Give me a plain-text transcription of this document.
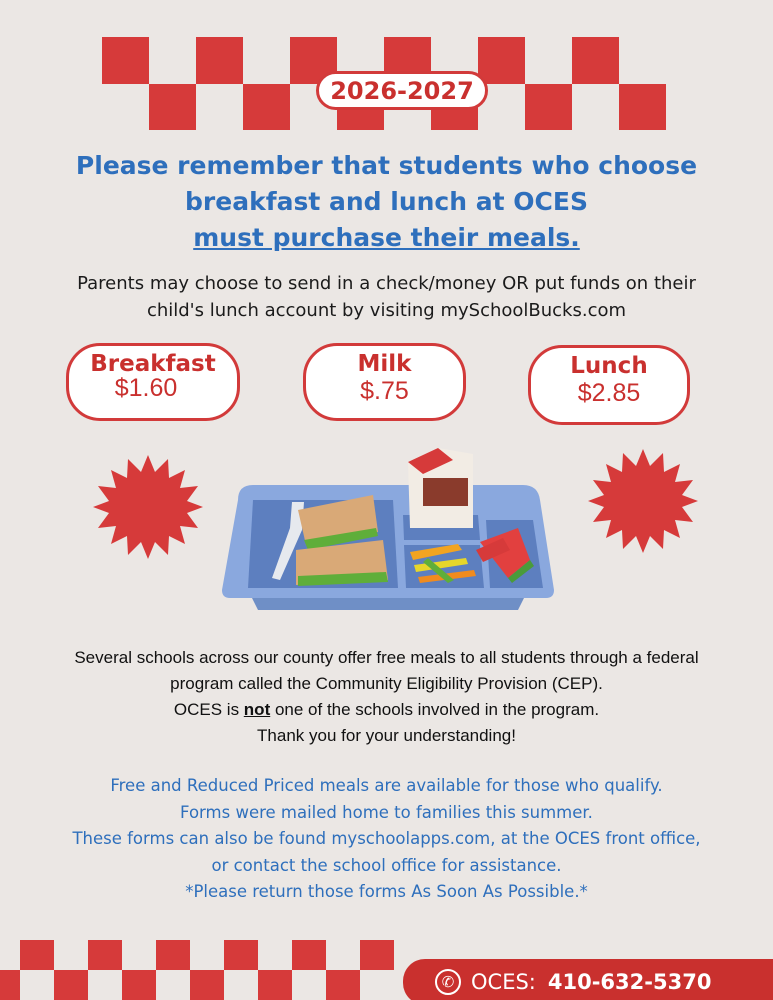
2026-2027
Please remember that students who choose
breakfast and lunch at OCES
must purchase their meals.
Parents may choose to send in a check/money OR put funds on their
child's lunch account by visiting mySchoolBucks.com
Breakfast
$1.60
Milk
$.75
Lunch
$2.85
Several schools across our county offer free meals to all students through a federal
program called the Community Eligibility Provision (CEP).
OCES is not one of the schools involved in the program.
Thank you for your understanding!
Free and Reduced Priced meals are available for those who qualify.
Forms were mailed home to families this summer.
These forms can also be found myschoolapps.com, at the OCES front office,
or contact the school office for assistance.
*Please return those forms As Soon As Possible.*
✆ OCES: 410-632-5370
